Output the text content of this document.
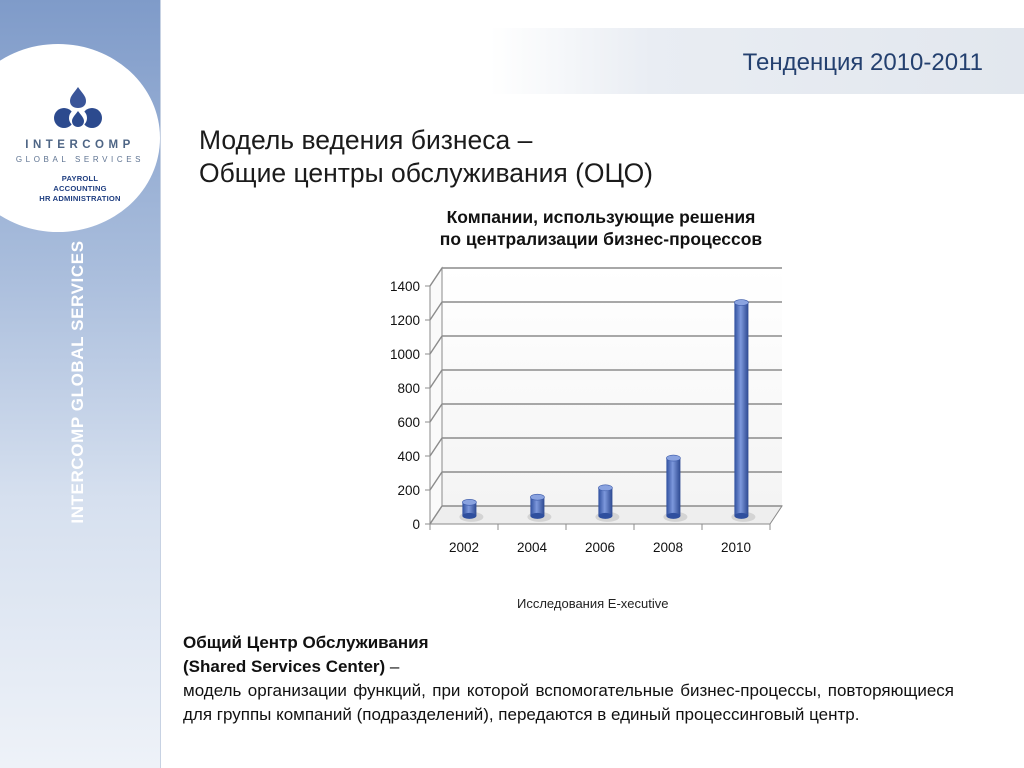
INTERCOMP
GLOBAL SERVICES
PAYROLL
ACCOUNTING
HR ADMINISTRATION
INTERCOMP GLOBAL SERVICES
Тенденция 2010-2011
Модель ведения бизнеса –
Общие центры обслуживания (ОЦО)
Компании, использующие решения
по централизации бизнес-процессов
0
200
400
600
800
1000
1200
1400
2002	2004	2006	2008	2010
Исследования E-xecutive
Общий Центр Обслуживания
(Shared Services Center) –
модель организации функций, при которой вспомогательные бизнес-процессы, повторяющиеся для группы компаний (подразделений), передаются в единый процессинговый центр.
